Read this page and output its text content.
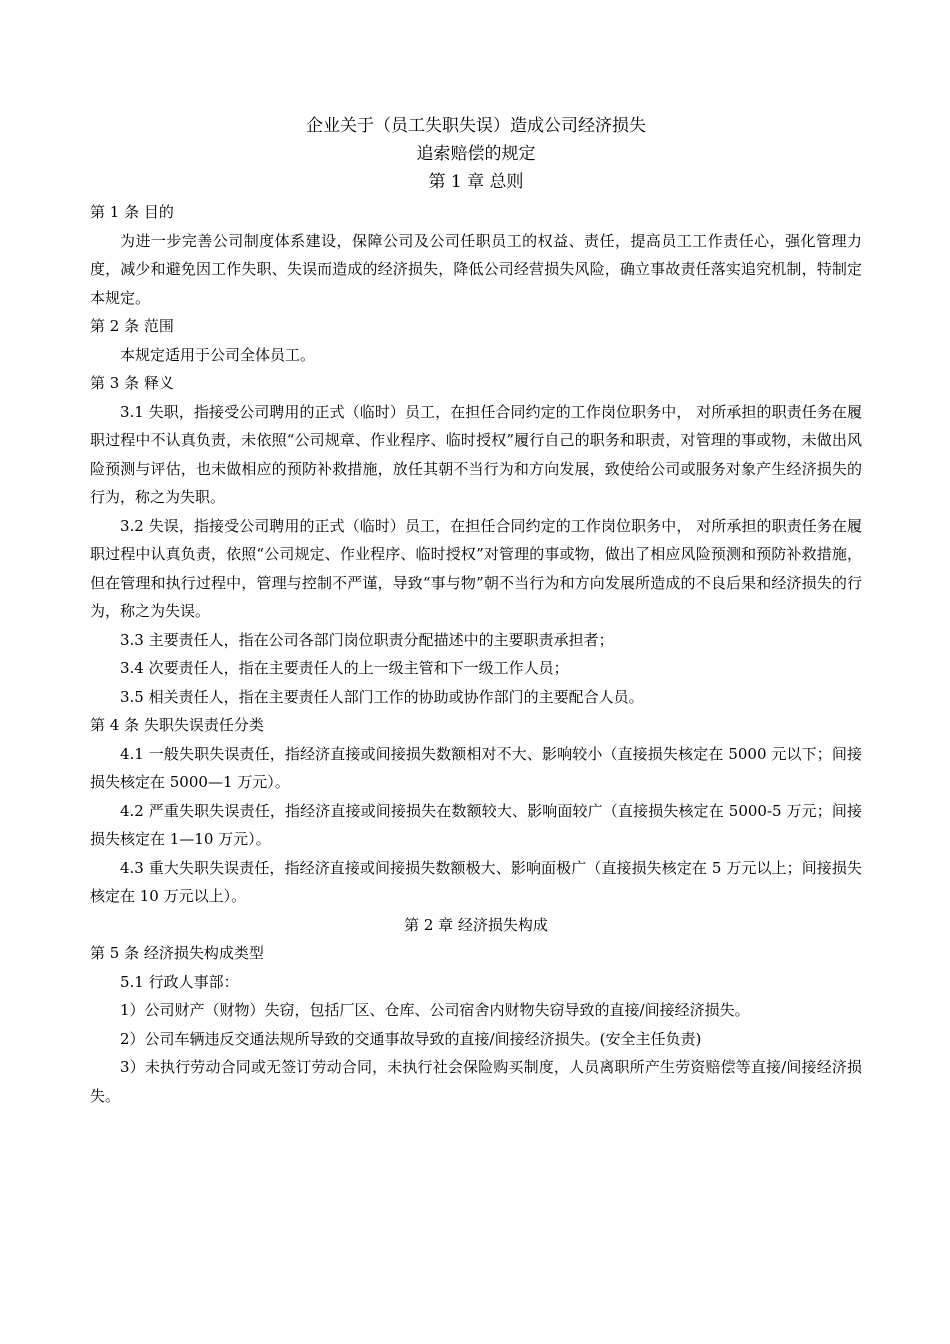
企业关于（员工失职失误）造成公司经济损失

追索赔偿的规定

第 1 章 总则

第 1 条 目的

为进一步完善公司制度体系建设，保障公司及公司任职员工的权益、责任，提高员工工作责任心，强化管理力度，减少和避免因工作失职、失误而造成的经济损失，降低公司经营损失风险，确立事故责任落实追究机制，特制定本规定。

第 2 条 范围

本规定适用于公司全体员工。

第 3 条 释义

3.1 失职，指接受公司聘用的正式（临时）员工，在担任合同约定的工作岗位职务中， 对所承担的职责任务在履职过程中不认真负责，未依照“公司规章、作业程序、临时授权”履行自己的职务和职责，对管理的事或物，未做出风险预测与评估，也未做相应的预防补救措施，放任其朝不当行为和方向发展，致使给公司或服务对象产生经济损失的行为，称之为失职。

3.2 失误，指接受公司聘用的正式（临时）员工，在担任合同约定的工作岗位职务中， 对所承担的职责任务在履职过程中认真负责，依照“公司规定、作业程序、临时授权”对管理的事或物，做出了相应风险预测和预防补救措施，但在管理和执行过程中，管理与控制不严谨，导致“事与物”朝不当行为和方向发展所造成的不良后果和经济损失的行为，称之为失误。

3.3 主要责任人，指在公司各部门岗位职责分配描述中的主要职责承担者；

3.4 次要责任人，指在主要责任人的上一级主管和下一级工作人员；

3.5 相关责任人，指在主要责任人部门工作的协助或协作部门的主要配合人员。

第 4 条 失职失误责任分类

4.1 一般失职失误责任，指经济直接或间接损失数额相对不大、影响较小（直接损失核定在 5000 元以下；间接损失核定在 5000—1 万元）。

4.2 严重失职失误责任，指经济直接或间接损失在数额较大、影响面较广（直接损失核定在 5000-5 万元；间接损失核定在 1—10 万元）。

4.3 重大失职失误责任，指经济直接或间接损失数额极大、影响面极广（直接损失核定在 5 万元以上；间接损失核定在 10 万元以上）。

第 2 章 经济损失构成

第 5 条 经济损失构成类型

5.1 行政人事部：

1）公司财产（财物）失窃，包括厂区、仓库、公司宿舍内财物失窃导致的直接/间接经济损失。

2）公司车辆违反交通法规所导致的交通事故导致的直接/间接经济损失。(安全主任负责)

3）未执行劳动合同或无签订劳动合同，未执行社会保险购买制度，人员离职所产生劳资赔偿等直接/间接经济损失。
